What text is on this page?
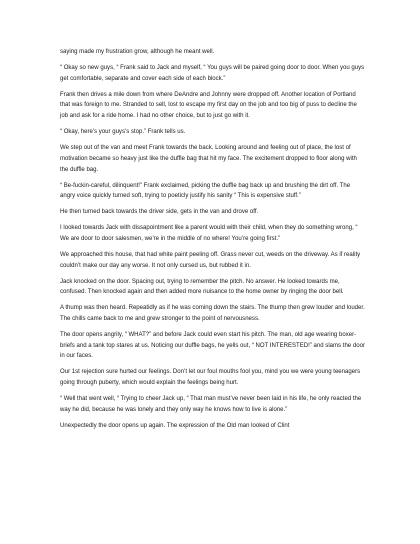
saying made my frustration grow, although he meant well.

“ Okay so new guys, “ Frank said to Jack and myself, “ You guys will be paired going door to door. When you guys get comfortable, separate and cover each side of each block.”

Frank then drives a mile down from where DeAndre and Johnny were dropped off. Another location of Portland that was foreign to me. Stranded to sell, lost to escape my first day on the job and too big of puss to decline the job and ask for a ride home. I had no other choice, but to just go with it.

“ Okay, here’s your guys’s stop.” Frank tells us.

We step out of the van and meet Frank towards the back. Looking around and feeling out of place, the lost of motivation became so heavy just like the duffle bag that hit my face. The excitement dropped to floor along with the duffle bag.

“ Be-fuckin-careful, dilinquent!” Frank exclaimed, picking the duffle bag back up and brushing the dirt off. The angry voice quickly turned soft, trying to poeticly justify his sanity “ This is expensive stuff.”

He then turned back towards the driver side, gets in the van and drove off.

I looked towards Jack with dissapointment like a parent would with their child, when they do something wrong, “ We are door to door salesmen, we’re in the middle of no where! You’re going first.”

We approached this house, that had white paint peeling off. Grass never cut, weeds on the driveway. As if reality couldn’t make our day any worse. It not only cursed us, but rubbed it in.

Jack knocked on the door. Spacing out, trying to remember the pitch. No answer. He looked towards me, confused. Then knocked again and then added more nuisance to the home owner by ringing the door bell.

A thump was then heard. Repeatidly as if he was coming down the stairs. The thump then grew louder and louder. The chills came back to me and grew stronger to the point of nervousness.

The door opens angrily, “ WHAT?” and before Jack could even start his pitch. The man, old age wearing boxer-briefs and a tank top stares at us. Noticing our duffle bags, he yells out, “ NOT INTERESTED!” and slams the door in our faces.

Our 1st rejection sure hurted our feelings. Don’t let our foul mouths fool you, mind you we were young teenagers going through puberty, which would explain the feelings being hurt.

“ Well that went well, “ Trying to cheer Jack up, “ That man must’ve never been laid in his life, he only reacted the way he did, because he was lonely and they only way he knows how to live is alone.”

Unexpectedly the door opens up again. The expression of the Old man looked of Clint
